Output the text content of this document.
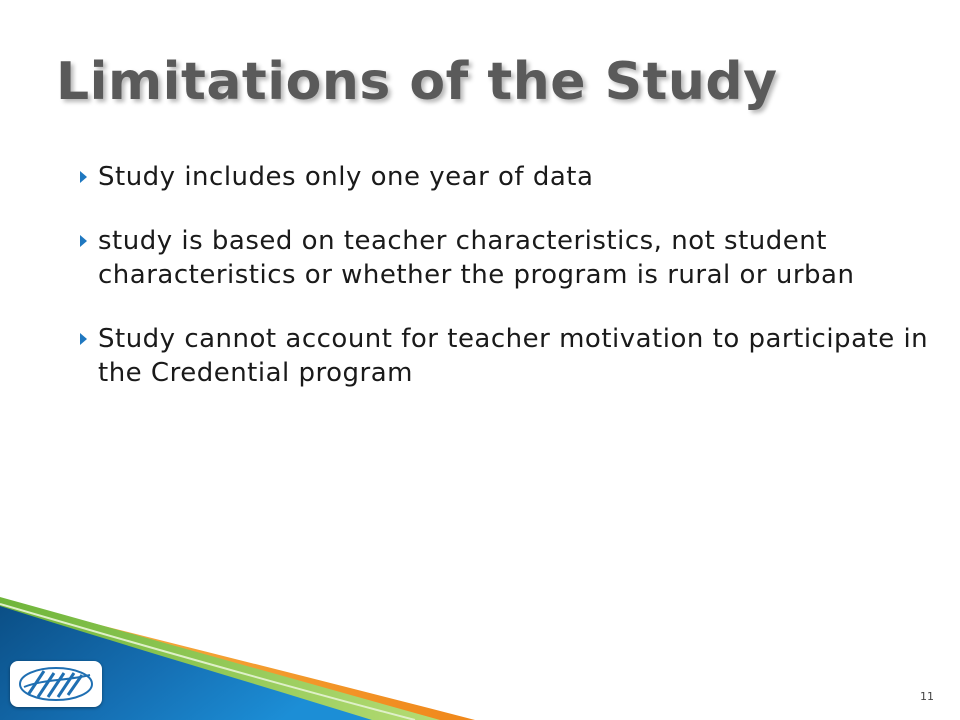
Limitations of the Study
Study includes only one year of data
study is based on teacher characteristics, not student characteristics or whether the program is rural or urban
Study cannot account for teacher motivation to participate in the Credential program
11
